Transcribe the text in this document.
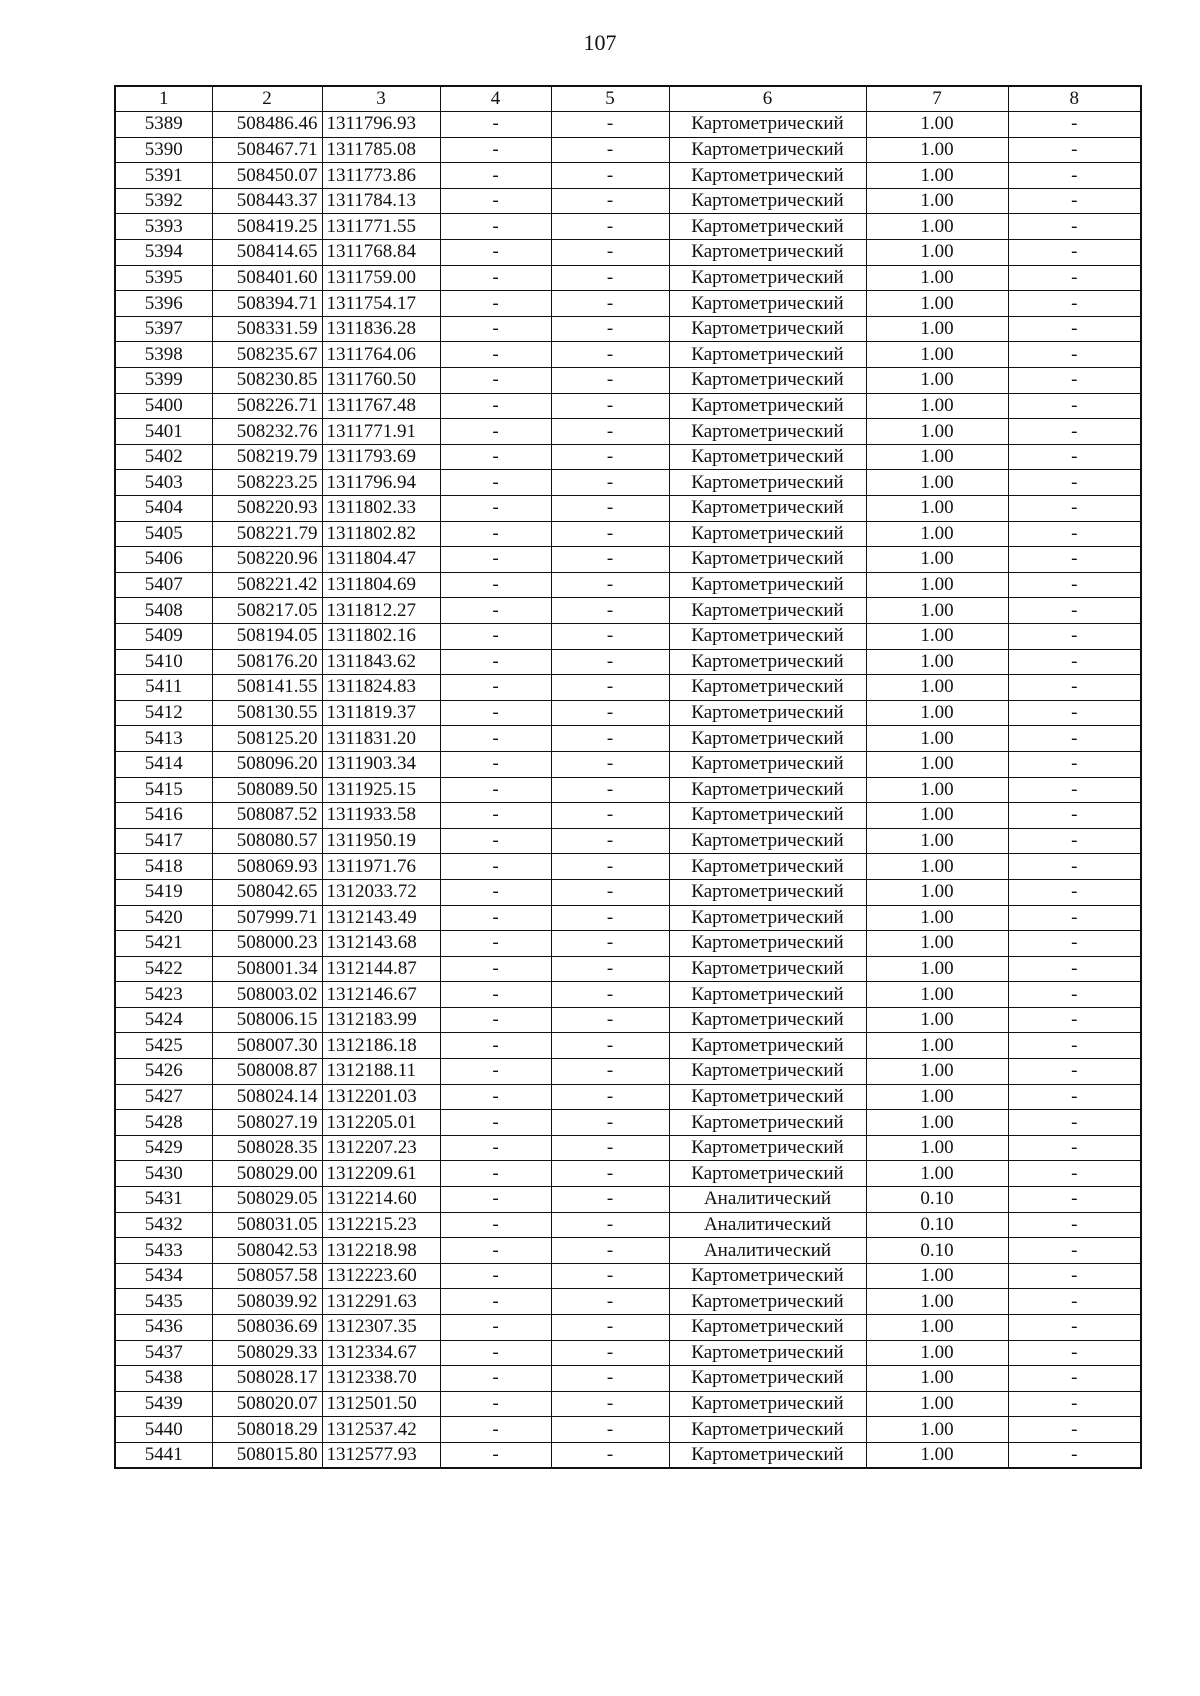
107
1	2	3	4	5	6	7	8
5389	508486.46	1311796.93	-	-	Картометрический	1.00	-
5390	508467.71	1311785.08	-	-	Картометрический	1.00	-
5391	508450.07	1311773.86	-	-	Картометрический	1.00	-
5392	508443.37	1311784.13	-	-	Картометрический	1.00	-
5393	508419.25	1311771.55	-	-	Картометрический	1.00	-
5394	508414.65	1311768.84	-	-	Картометрический	1.00	-
5395	508401.60	1311759.00	-	-	Картометрический	1.00	-
5396	508394.71	1311754.17	-	-	Картометрический	1.00	-
5397	508331.59	1311836.28	-	-	Картометрический	1.00	-
5398	508235.67	1311764.06	-	-	Картометрический	1.00	-
5399	508230.85	1311760.50	-	-	Картометрический	1.00	-
5400	508226.71	1311767.48	-	-	Картометрический	1.00	-
5401	508232.76	1311771.91	-	-	Картометрический	1.00	-
5402	508219.79	1311793.69	-	-	Картометрический	1.00	-
5403	508223.25	1311796.94	-	-	Картометрический	1.00	-
5404	508220.93	1311802.33	-	-	Картометрический	1.00	-
5405	508221.79	1311802.82	-	-	Картометрический	1.00	-
5406	508220.96	1311804.47	-	-	Картометрический	1.00	-
5407	508221.42	1311804.69	-	-	Картометрический	1.00	-
5408	508217.05	1311812.27	-	-	Картометрический	1.00	-
5409	508194.05	1311802.16	-	-	Картометрический	1.00	-
5410	508176.20	1311843.62	-	-	Картометрический	1.00	-
5411	508141.55	1311824.83	-	-	Картометрический	1.00	-
5412	508130.55	1311819.37	-	-	Картометрический	1.00	-
5413	508125.20	1311831.20	-	-	Картометрический	1.00	-
5414	508096.20	1311903.34	-	-	Картометрический	1.00	-
5415	508089.50	1311925.15	-	-	Картометрический	1.00	-
5416	508087.52	1311933.58	-	-	Картометрический	1.00	-
5417	508080.57	1311950.19	-	-	Картометрический	1.00	-
5418	508069.93	1311971.76	-	-	Картометрический	1.00	-
5419	508042.65	1312033.72	-	-	Картометрический	1.00	-
5420	507999.71	1312143.49	-	-	Картометрический	1.00	-
5421	508000.23	1312143.68	-	-	Картометрический	1.00	-
5422	508001.34	1312144.87	-	-	Картометрический	1.00	-
5423	508003.02	1312146.67	-	-	Картометрический	1.00	-
5424	508006.15	1312183.99	-	-	Картометрический	1.00	-
5425	508007.30	1312186.18	-	-	Картометрический	1.00	-
5426	508008.87	1312188.11	-	-	Картометрический	1.00	-
5427	508024.14	1312201.03	-	-	Картометрический	1.00	-
5428	508027.19	1312205.01	-	-	Картометрический	1.00	-
5429	508028.35	1312207.23	-	-	Картометрический	1.00	-
5430	508029.00	1312209.61	-	-	Картометрический	1.00	-
5431	508029.05	1312214.60	-	-	Аналитический	0.10	-
5432	508031.05	1312215.23	-	-	Аналитический	0.10	-
5433	508042.53	1312218.98	-	-	Аналитический	0.10	-
5434	508057.58	1312223.60	-	-	Картометрический	1.00	-
5435	508039.92	1312291.63	-	-	Картометрический	1.00	-
5436	508036.69	1312307.35	-	-	Картометрический	1.00	-
5437	508029.33	1312334.67	-	-	Картометрический	1.00	-
5438	508028.17	1312338.70	-	-	Картометрический	1.00	-
5439	508020.07	1312501.50	-	-	Картометрический	1.00	-
5440	508018.29	1312537.42	-	-	Картометрический	1.00	-
5441	508015.80	1312577.93	-	-	Картометрический	1.00	-
